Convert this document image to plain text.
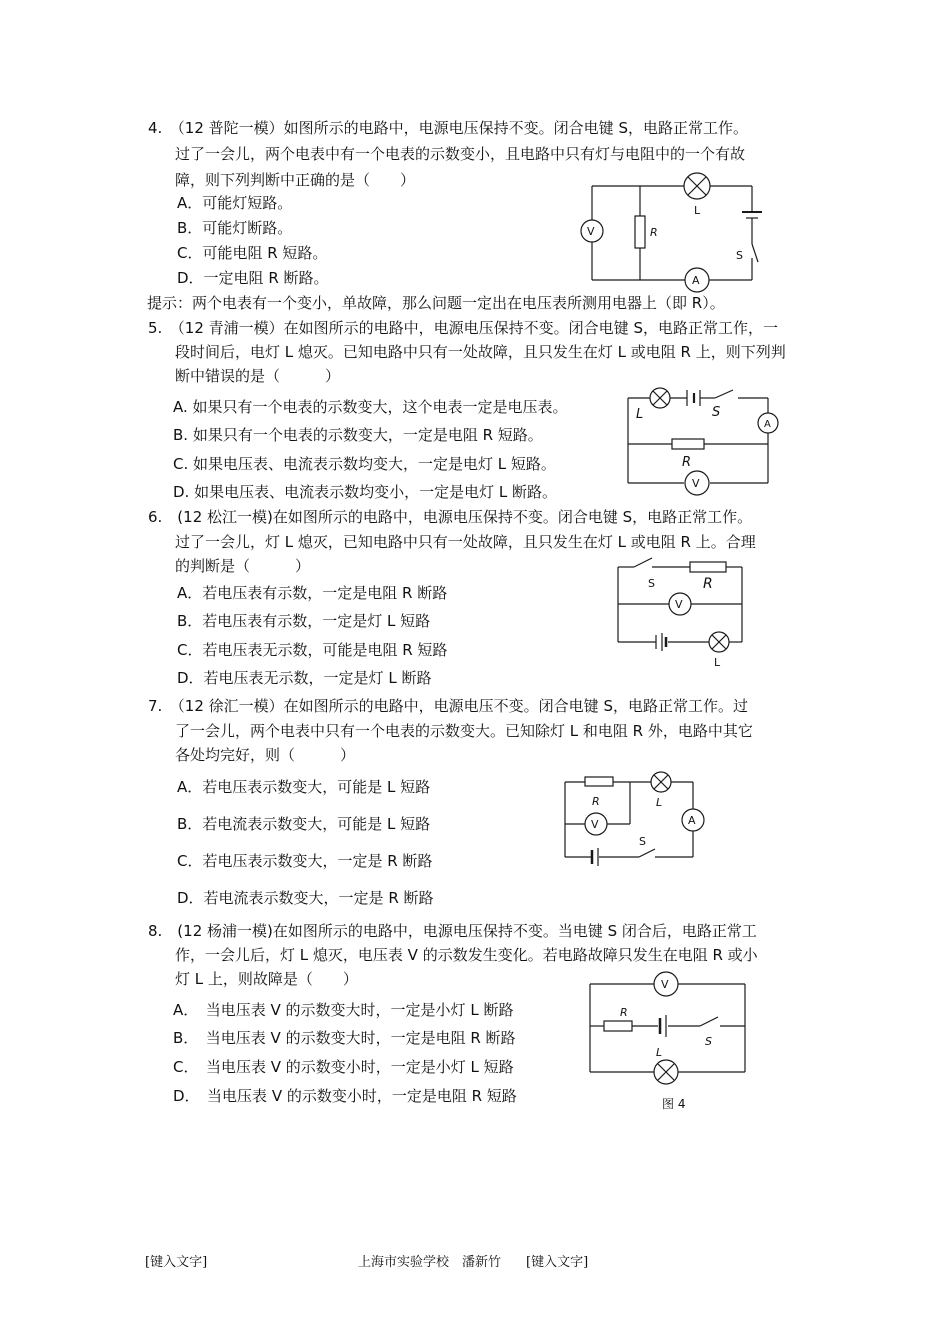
4.　（12 普陀一模）如图所示的电路中，电源电压保持不变。闭合电键 S，电路正常工作。
过了一会儿，两个电表中有一个电表的示数变小，且电路中只有灯与电阻中的一个有故
障，则下列判断中正确的是（　　）
A．可能灯短路。
B．可能灯断路。
C．可能电阻 R 短路。
D．一定电阻 R 断路。
提示：两个电表有一个变小，单故障，那么问题一定出在电压表所测用电器上（即 R）。
L
R
V
S
A
5.　（12 青浦一模）在如图所示的电路中，电源电压保持不变。闭合电键 S，电路正常工作，一
段时间后，电灯 L 熄灭。已知电路中只有一处故障，且只发生在灯 L 或电阻 R 上，则下列判
断中错误的是（　　　）
A. 如果只有一个电表的示数变大，这个电表一定是电压表。
B. 如果只有一个电表的示数变大，一定是电阻 R 短路。
C. 如果电压表、电流表示数均变大，一定是电灯 L 短路。
D. 如果电压表、电流表示数均变小，一定是电灯 L 断路。
L	S
A
R
V
6.　(12 松江一模)在如图所示的电路中，电源电压保持不变。闭合电键 S，电路正常工作。
过了一会儿，灯 L 熄灭，已知电路中只有一处故障，且只发生在灯 L 或电阻 R 上。合理
的判断是（　　　）
A．若电压表有示数，一定是电阻 R 断路
B．若电压表有示数，一定是灯 L 短路
C．若电压表无示数，可能是电阻 R 短路
D．若电压表无示数，一定是灯 L 断路
S	R
V
L
7.　（12 徐汇一模）在如图所示的电路中，电源电压不变。闭合电键 S，电路正常工作。过
了一会儿，两个电表中只有一个电表的示数变大。已知除灯 L 和电阻 R 外，电路中其它
各处均完好，则（　　　）
A．若电压表示数变大，可能是 L 短路
B．若电流表示数变大，可能是 L 短路
C．若电压表示数变大，一定是 R 断路
D．若电流表示数变大，一定是 R 断路
R	L
V	A
S
8.　(12 杨浦一模)在如图所示的电路中，电源电压保持不变。当电键 S 闭合后，电路正常工
作，一会儿后，灯 L 熄灭，电压表 V 的示数发生变化。若电路故障只发生在电阻 R 或小
灯 L 上，则故障是（　　）
A．　当电压表 V 的示数变大时，一定是小灯 L 断路
B．　当电压表 V 的示数变大时，一定是电阻 R 断路
C．　当电压表 V 的示数变小时，一定是小灯 L 短路
D．　当电压表 V 的示数变小时，一定是电阻 R 短路
V
R
S
L
图 4
[键入文字]	上海市实验学校　潘新竹 [键入文字]
